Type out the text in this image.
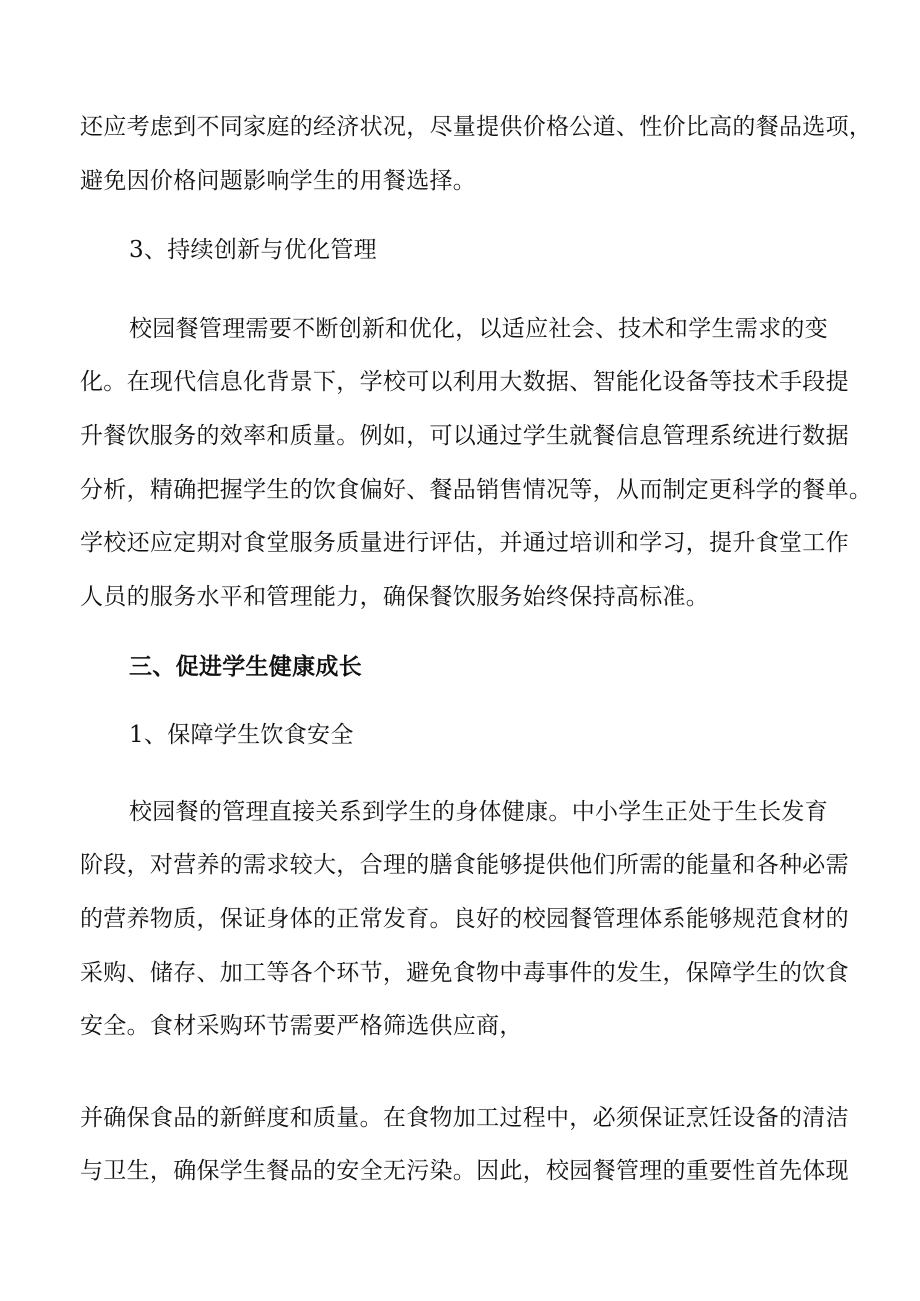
还应考虑到不同家庭的经济状况，尽量提供价格公道、性价比高的餐品选项，
避免因价格问题影响学生的用餐选择。
3、持续创新与优化管理
校园餐管理需要不断创新和优化，以适应社会、技术和学生需求的变
化。在现代信息化背景下，学校可以利用大数据、智能化设备等技术手段提
升餐饮服务的效率和质量。例如，可以通过学生就餐信息管理系统进行数据
分析，精确把握学生的饮食偏好、餐品销售情况等，从而制定更科学的餐单。
学校还应定期对食堂服务质量进行评估，并通过培训和学习，提升食堂工作
人员的服务水平和管理能力，确保餐饮服务始终保持高标准。
三、促进学生健康成长
1、保障学生饮食安全
校园餐的管理直接关系到学生的身体健康。中小学生正处于生长发育
阶段，对营养的需求较大，合理的膳食能够提供他们所需的能量和各种必需
的营养物质，保证身体的正常发育。良好的校园餐管理体系能够规范食材的
采购、储存、加工等各个环节，避免食物中毒事件的发生，保障学生的饮食
安全。食材采购环节需要严格筛选供应商，
并确保食品的新鲜度和质量。在食物加工过程中，必须保证烹饪设备的清洁
与卫生，确保学生餐品的安全无污染。因此，校园餐管理的重要性首先体现
